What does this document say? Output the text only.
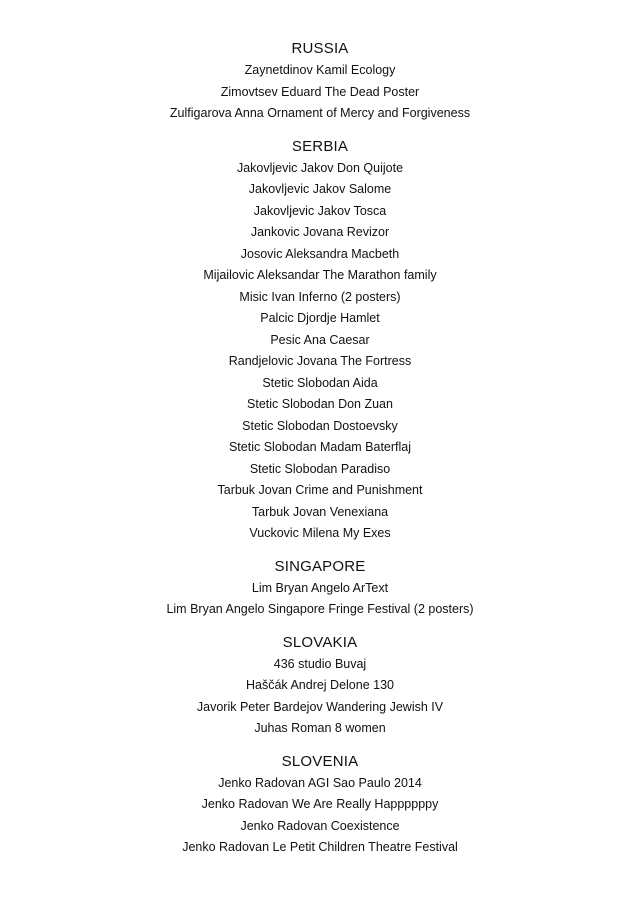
RUSSIA

Zaynetdinov Kamil Ecology

Zimovtsev Eduard The Dead Poster

Zulfigarova Anna Ornament of Mercy and Forgiveness

SERBIA

Jakovljevic Jakov Don Quijote

Jakovljevic Jakov Salome

Jakovljevic Jakov Tosca

Jankovic Jovana Revizor

Josovic Aleksandra Macbeth

Mijailovic Aleksandar The Marathon family

Misic Ivan Inferno (2 posters)

Palcic Djordje Hamlet

Pesic Ana Caesar

Randjelovic Jovana The Fortress

Stetic Slobodan Aida

Stetic Slobodan Don Zuan

Stetic Slobodan Dostoevsky

Stetic Slobodan Madam Baterflaj

Stetic Slobodan Paradiso

Tarbuk Jovan Crime and Punishment

Tarbuk Jovan Venexiana

Vuckovic Milena My Exes

SINGAPORE

Lim Bryan Angelo ArText

Lim Bryan Angelo Singapore Fringe Festival (2 posters)

SLOVAKIA

436 studio Buvaj

Haščák Andrej Delone 130

Javorik Peter Bardejov Wandering Jewish IV

Juhas Roman 8 women

SLOVENIA

Jenko Radovan AGI Sao Paulo 2014

Jenko Radovan We Are Really Happppppy

Jenko Radovan Coexistence

Jenko Radovan Le Petit Children Theatre Festival
